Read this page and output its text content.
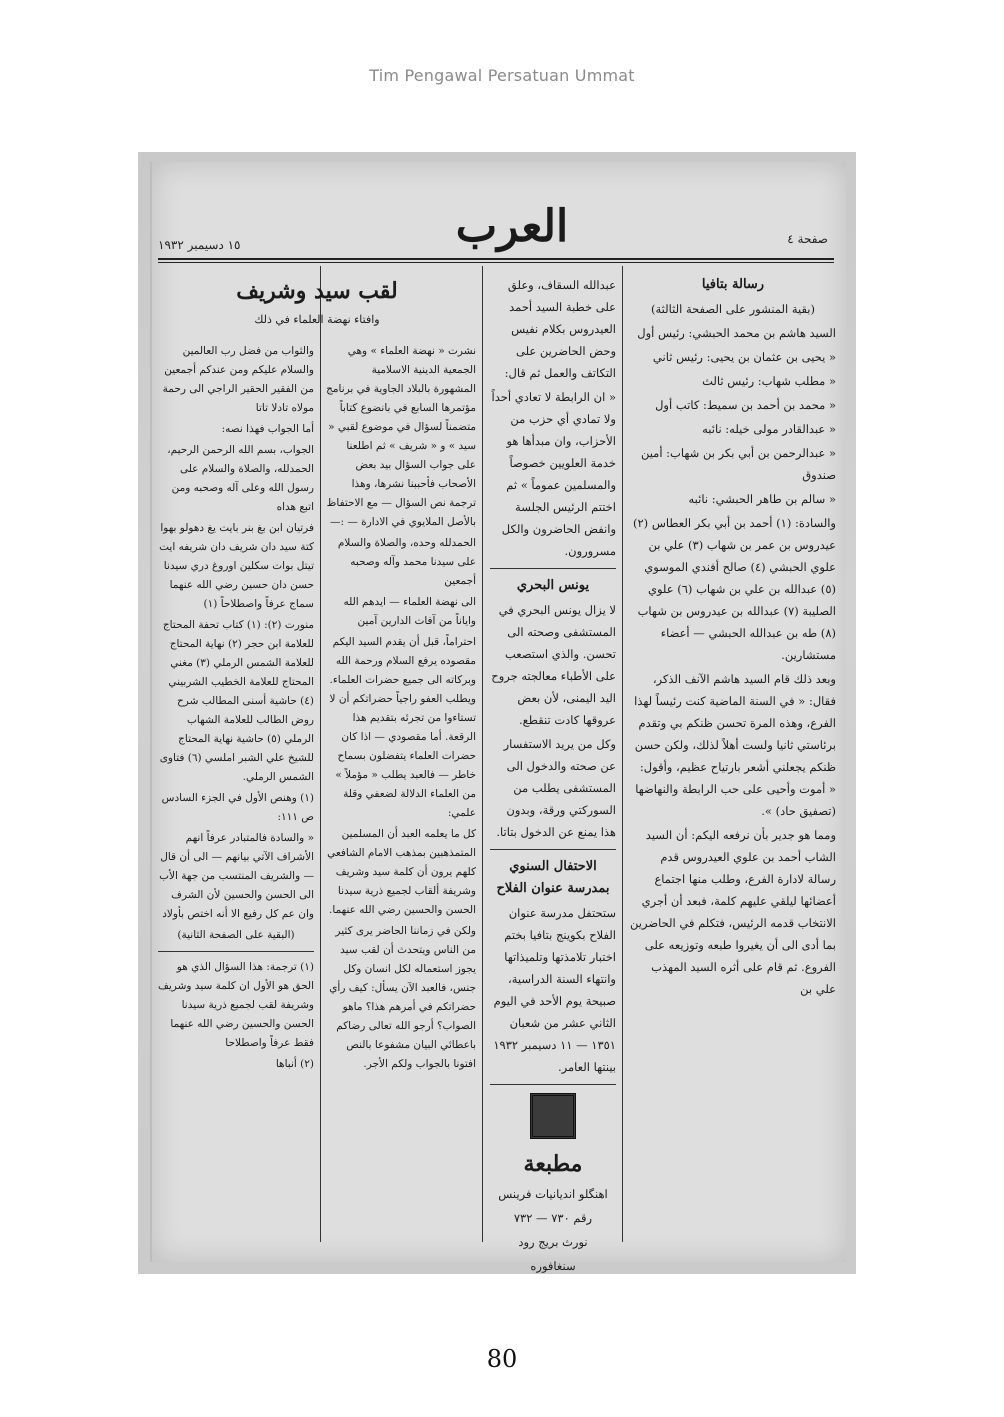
Tim Pengawal Persatuan Ummat
العرب	صفحة ٤
١٥ دسيمبر ١٩٣٢

رسالة بتافيا

(بقية المنشور على الصفحة الثالثة)

السيد هاشم بن محمد الحبشي: رئيس أول

« يحيى بن عثمان بن يحيى: رئيس ثاني

« مطلب شهاب: رئيس ثالث

« محمد بن أحمد بن سميط: كاتب أول

« عبدالقادر مولى خيله: نائبه

« عبدالرحمن بن أبي بكر بن شهاب: أمين صندوق

« سالم بن طاهر الحبشي: نائبه

والسادة: (١) أحمد بن أبي بكر العطاس (٢) عيدروس بن عمر بن شهاب (٣) علي بن علوي الحبشي (٤) صالح أفندي الموسوي (٥) عبدالله بن علي بن شهاب (٦) علوي الصليبة (٧) عبدالله بن عيدروس بن شهاب (٨) طه بن عبدالله الحبشي — أعضاء مستشارين.

وبعد ذلك قام السيد هاشم الآنف الذكر، فقال: « في السنة الماضية كنت رئيساً لهذا الفرع، وهذه المرة تحسن ظنكم بي وتقدم برئاستي ثانيا ولست أهلاً لذلك، ولكن حسن ظنكم يجعلني أشعر بارتياح عظيم، وأقول: « أموت وأحيى على حب الرابطة والنهاضها (تصفيق حاد) ».

ومما هو جدير بأن نرفعه اليكم: أن السيد الشاب أحمد بن علوي العيدروس قدم رسالة لادارة الفرع، وطلب منها اجتماع أعضائها ليلقي عليهم كلمة، فبعد أن أجري الانتخاب قدمه الرئيس، فتكلم في الحاضرين بما أدى الى أن يغيروا طبعه وتوزيعه على الفروع. ثم قام على أثره السيد المهذب علي بن

عبدالله السقاف، وعلق على خطبة السيد أحمد العيدروس بكلام نفيس وحض الحاضرين على التكاتف والعمل ثم قال:

« ان الرابطة لا تعادي أحداً ولا تمادي أي حزب من الأحزاب، وان مبدأها هو خدمة العلويين خصوصاً والمسلمين عموماً » ثم اختتم الرئيس الجلسة وانفض الحاضرون والكل مسرورون.

يونس البحري

لا يزال يونس البحري في المستشفى وصحته الى تحسن. والذي استصعب على الأطباء معالجته جروح اليد اليمنى، لأن بعض عروقها كادت تنقطع.

وكل من يريد الاستفسار عن صحته والدخول الى المستشفى يطلب من السوركتي ورقة، وبدون هذا يمنع عن الدخول بتاتا.

الاحتفال السنوي بمدرسة عنوان الفلاح

ستحتفل مدرسة عنوان الفلاح بكوينج بتافيا بختم اختبار تلامذتها وتلميذاتها وانتهاء السنة الدراسية، صبيحة يوم الأحد في اليوم الثاني عشر من شعبان ١٣٥١ — ١١ دسيمبر ١٩٣٢ بينتها العامر.

مطبعة

اهنگلو انديانيات فرينس

رقم ٧٣٠ — ٧٣٢

نورث بريج رود

سنغافوره

لقب سيد وشريف

وافتاء نهضة العلماء في ذلك

نشرت « نهضة العلماء » وهي الجمعية الدينية الاسلامية المشهورة بالبلاد الجاوية في برنامج مؤتمرها السابع في بانضوع كتاباً متضمناً لسؤال في موضوع لقبي « سيد » و « شريف » ثم اطلعنا على جواب السؤال بيد بعض الأصحاب فأحببنا نشرها، وهذا ترجمة نص السؤال — مع الاحتفاظ بالأصل الملايوي في الادارة — :—

الحمدلله وحده، والصلاة والسلام على سيدنا محمد وآله وصحبه أجمعين

الى نهضة العلماء — ايدهم الله واياناً من آفات الدارين آمين

احتراماً، قبل أن يقدم السيد اليكم مقصوده يرفع السلام ورحمة الله وبركاته الى جميع حضرات العلماء. ويطلب العفو راجياً حضراتكم أن لا تستاءوا من تجرئه بتقديم هذا الرقعة. أما مقصودي — اذا كان حضرات العلماء يتفضلون بسماح خاطر — فالعبد يطلب « مؤملاً » من العلماء الدلالة لضعفي وقلة علمي:

كل ما يعلمه العبد أن المسلمين المتمذهبين بمذهب الامام الشافعي كلهم يرون أن كلمة سيد وشريف وشريفة ألقاب لجميع ذرية سيدنا الحسن والحسين رضي الله عنهما.

ولكن في زماننا الحاضر يرى كثير من الناس ويتحدث أن لقب سيد يجوز استعماله لكل انسان وكل جنس، فالعبد الآن يسأل: كيف رأي حضراتكم في أمرهم هذا؟ ماهو الصواب؟ أرجو الله تعالى رضاكم باعطائي البيان مشفوعا بالنص افتونا بالجواب ولكم الأجر.

والثواب من فضل رب العالمين والسلام عليكم ومن عندكم أجمعين من الفقير الحقير الراجي الى رحمة مولاه تادلا تاتا

أما الجواب فهذا نصه:

الجواب، بسم الله الرحمن الرحيم، الحمدلله، والصلاة والسلام على رسول الله وعلى آله وصحبه ومن اتبع هداه

فرتيان ابن بغ بنر بايت يغ دهولو بهوا كتة سيد دان شريف دان شريفه ايت تيتل بوات سكلين اوروغ دري سيدنا حسن دان حسين رضي الله عنهما سماج عرفاً واصطلاحاً (١)

منورت (٢): (١) كتاب تحفة المحتاج للعلامة ابن حجر (٢) نهاية المحتاج للعلامة الشمس الرملي (٣) مغني المحتاج للعلامة الخطيب الشربيني (٤) حاشية أسنى المطالب شرح روض الطالب للعلامة الشهاب الرملي (٥) حاشية نهاية المحتاج للشيخ علي الشبر املسي (٦) فتاوى الشمس الرملي.

(١) وهنص الأول في الجزء السادس ص ١١١:

« والسادة فالمتبادر عرفاً انهم الأشراف الآتي بيانهم — الى أن قال — والشريف المنتسب من جهة الأب الى الحسن والحسين لأن الشرف وان عم كل رفيع الا أنه اختص بأولاد

(البقية على الصفحة الثانية)

(١) ترجمة: هذا السؤال الذي هو الحق هو الأول ان كلمة سيد وشريف وشريفة لقب لجميع ذرية سيدنا الحسن والحسين رضي الله عنهما فقط عرفاً واصطلاحا

(٢) أنباها

80
